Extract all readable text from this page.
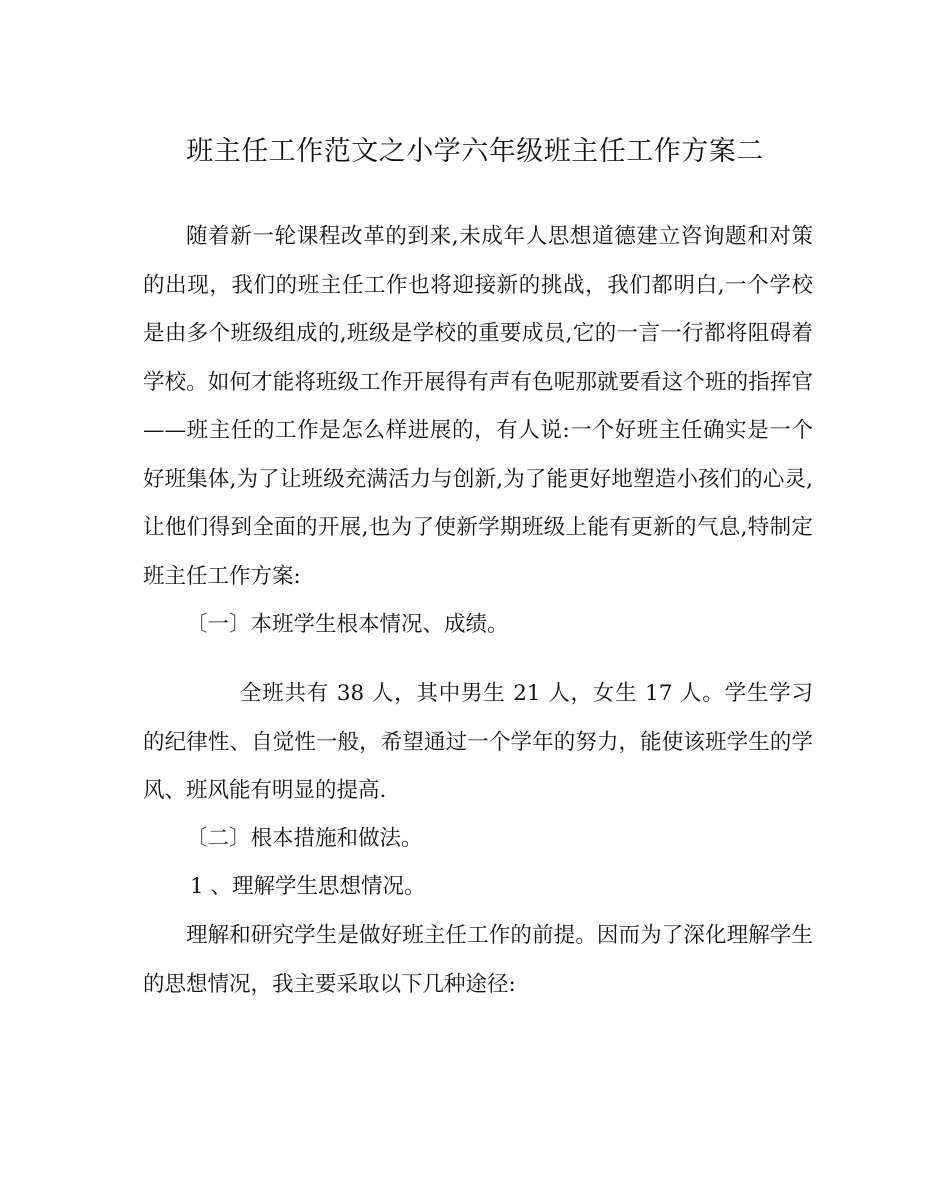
班主任工作范文之小学六年级班主任工作方案二

随着新一轮课程改革的到来,未成年人思想道德建立咨询题和对策的出现，我们的班主任工作也将迎接新的挑战，我们都明白,一个学校是由多个班级组成的,班级是学校的重要成员,它的一言一行都将阻碍着学校。如何才能将班级工作开展得有声有色呢那就要看这个班的指挥官——班主任的工作是怎么样进展的，有人说:一个好班主任确实是一个好班集体,为了让班级充满活力与创新,为了能更好地塑造小孩们的心灵,让他们得到全面的开展,也为了使新学期班级上能有更新的气息,特制定班主任工作方案:

〔一〕本班学生根本情况、成绩。

全班共有 38 人，其中男生 21 人，女生 17 人。学生学习的纪律性、自觉性一般，希望通过一个学年的努力，能使该班学生的学风、班风能有明显的提高.

〔二〕根本措施和做法。
1 、理解学生思想情况。

理解和研究学生是做好班主任工作的前提。因而为了深化理解学生的思想情况，我主要采取以下几种途径:
